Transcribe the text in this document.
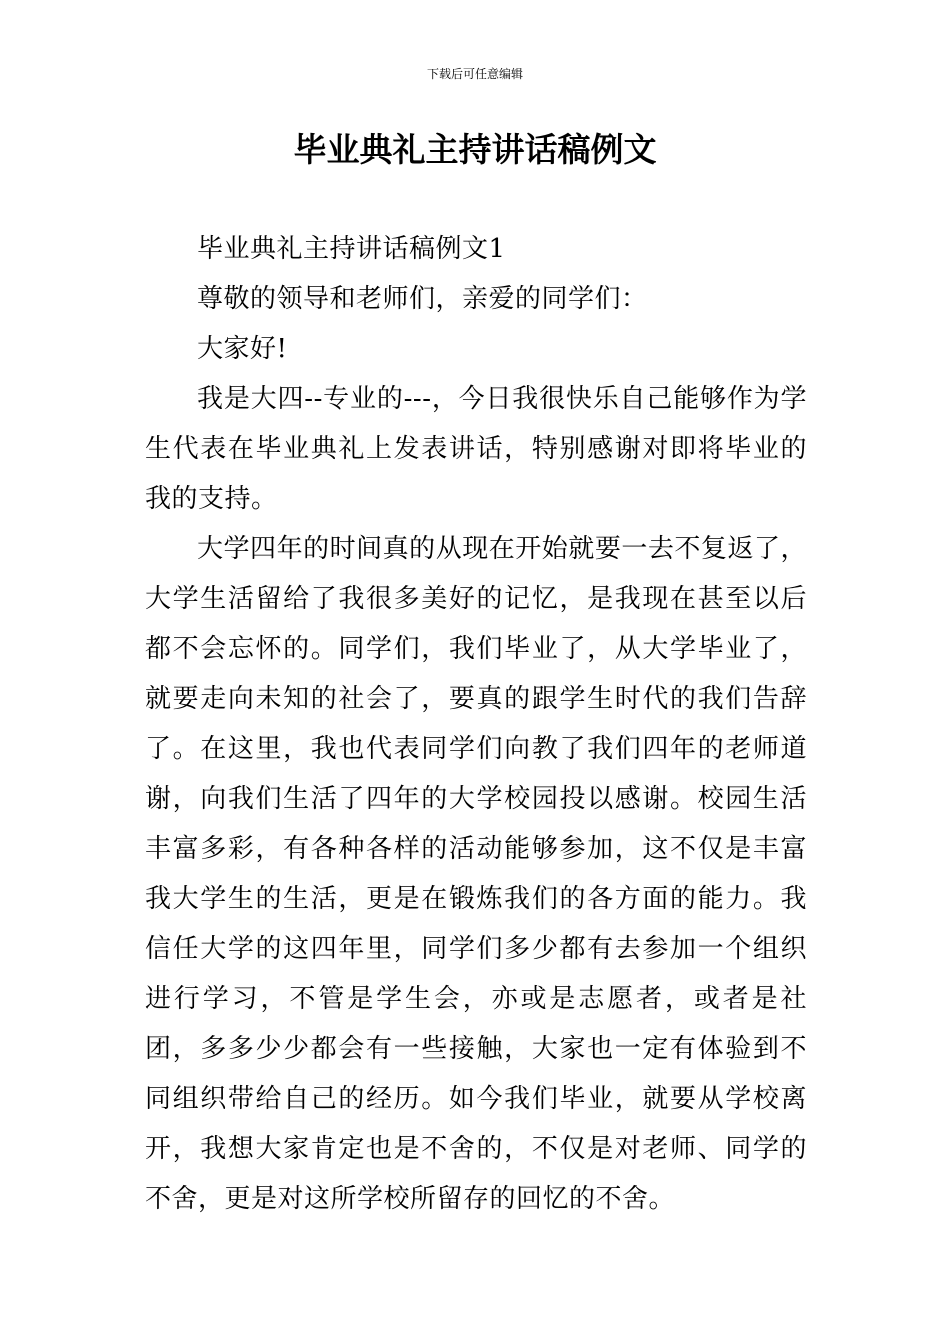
下载后可任意编辑
毕业典礼主持讲话稿例文

毕业典礼主持讲话稿例文1

尊敬的领导和老师们，亲爱的同学们：

大家好!

我是大四--专业的---，今日我很快乐自己能够作为学生代表在毕业典礼上发表讲话，特别感谢对即将毕业的我的支持。

大学四年的时间真的从现在开始就要一去不复返了，大学生活留给了我很多美好的记忆，是我现在甚至以后都不会忘怀的。同学们，我们毕业了，从大学毕业了，就要走向未知的社会了，要真的跟学生时代的我们告辞了。在这里，我也代表同学们向教了我们四年的老师道谢，向我们生活了四年的大学校园投以感谢。校园生活丰富多彩，有各种各样的活动能够参加，这不仅是丰富我大学生的生活，更是在锻炼我们的各方面的能力。我信任大学的这四年里，同学们多少都有去参加一个组织进行学习，不管是学生会，亦或是志愿者，或者是社团，多多少少都会有一些接触，大家也一定有体验到不同组织带给自己的经历。如今我们毕业，就要从学校离开，我想大家肯定也是不舍的，不仅是对老师、同学的不舍，更是对这所学校所留存的回忆的不舍。
